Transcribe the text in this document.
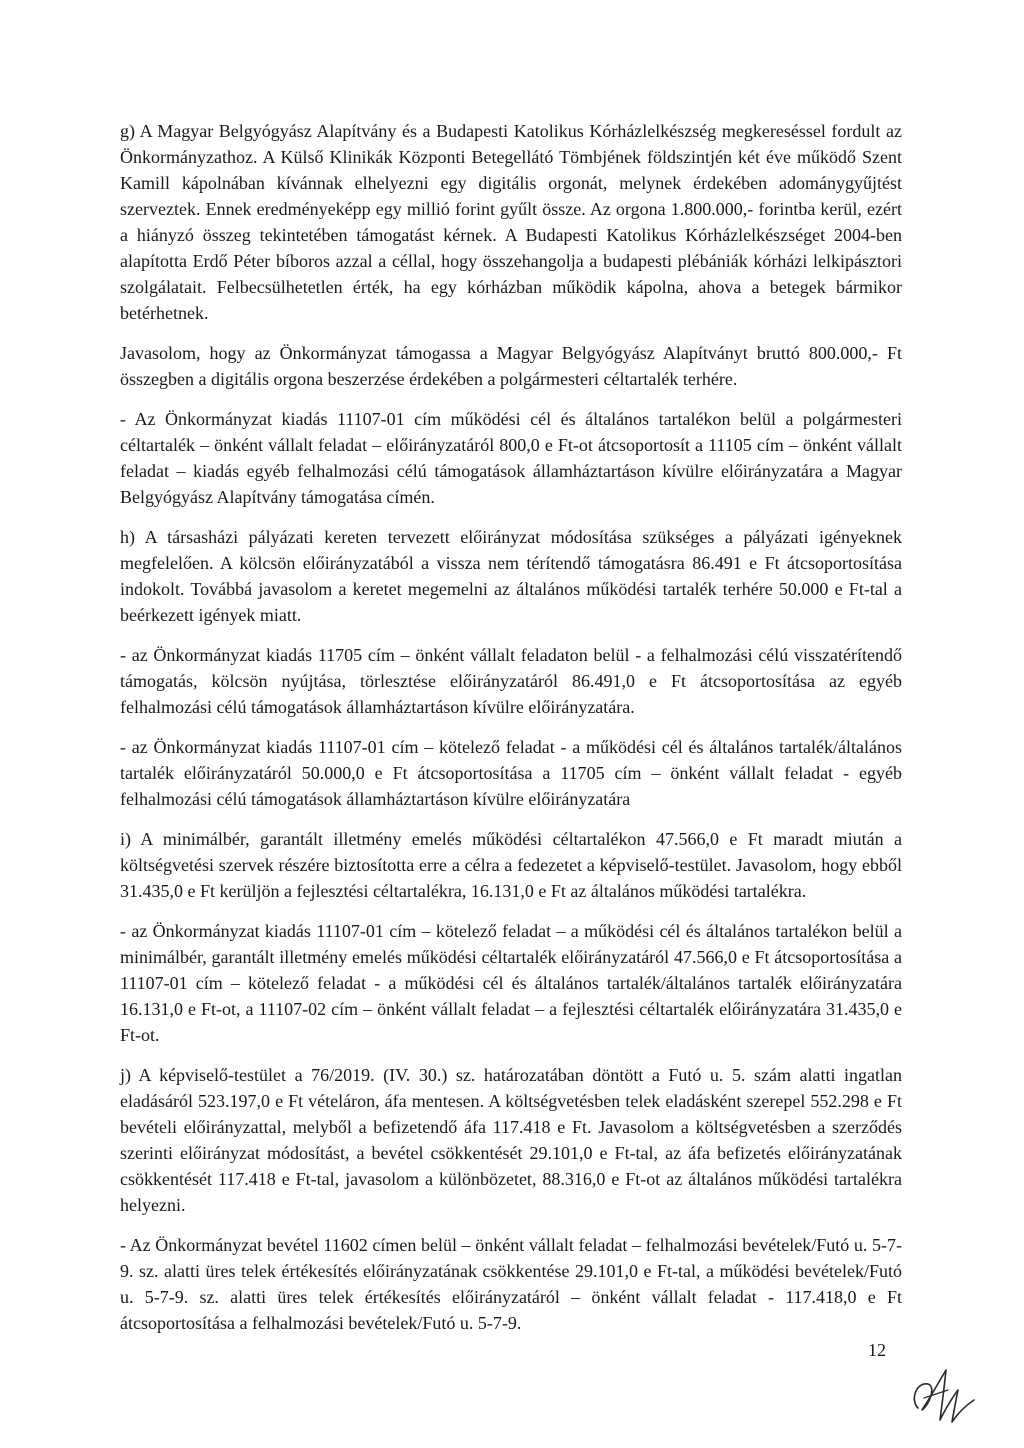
g) A Magyar Belgyógyász Alapítvány és a Budapesti Katolikus Kórházlelkészség megkereséssel fordult az Önkormányzathoz. A Külső Klinikák Központi Betegellátó Tömbjének földszintjén két éve működő Szent Kamill kápolnában kívánnak elhelyezni egy digitális orgonát, melynek érdekében adománygyűjtést szerveztek. Ennek eredményeképp egy millió forint gyűlt össze. Az orgona 1.800.000,- forintba kerül, ezért a hiányzó összeg tekintetében támogatást kérnek. A Budapesti Katolikus Kórházlelkészséget 2004-ben alapította Erdő Péter bíboros azzal a céllal, hogy összehangolja a budapesti plébániák kórházi lelkipásztori szolgálatait. Felbecsülhetetlen érték, ha egy kórházban működik kápolna, ahova a betegek bármikor betérhetnek.

Javasolom, hogy az Önkormányzat támogassa a Magyar Belgyógyász Alapítványt bruttó 800.000,- Ft összegben a digitális orgona beszerzése érdekében a polgármesteri céltartalék terhére.

- Az Önkormányzat kiadás 11107-01 cím működési cél és általános tartalékon belül a polgármesteri céltartalék – önként vállalt feladat – előirányzatáról 800,0 e Ft-ot átcsoportosít a 11105 cím – önként vállalt feladat – kiadás egyéb felhalmozási célú támogatások államháztartáson kívülre előirányzatára a Magyar Belgyógyász Alapítvány támogatása címén.

h) A társasházi pályázati kereten tervezett előirányzat módosítása szükséges a pályázati igényeknek megfelelően. A kölcsön előirányzatából a vissza nem térítendő támogatásra 86.491 e Ft átcsoportosítása indokolt. Továbbá javasolom a keretet megemelni az általános működési tartalék terhére 50.000 e Ft-tal a beérkezett igények miatt.

- az Önkormányzat kiadás 11705 cím – önként vállalt feladaton belül - a felhalmozási célú visszatérítendő támogatás, kölcsön nyújtása, törlesztése előirányzatáról 86.491,0 e Ft átcsoportosítása az egyéb felhalmozási célú támogatások államháztartáson kívülre előirányzatára.

- az Önkormányzat kiadás 11107-01 cím – kötelező feladat - a működési cél és általános tartalék/általános tartalék előirányzatáról 50.000,0 e Ft átcsoportosítása a 11705 cím – önként vállalt feladat - egyéb felhalmozási célú támogatások államháztartáson kívülre előirányzatára

i) A minimálbér, garantált illetmény emelés működési céltartalékon 47.566,0 e Ft maradt miután a költségvetési szervek részére biztosította erre a célra a fedezetet a képviselő-testület. Javasolom, hogy ebből 31.435,0 e Ft kerüljön a fejlesztési céltartalékra, 16.131,0 e Ft az általános működési tartalékra.

- az Önkormányzat kiadás 11107-01 cím – kötelező feladat – a működési cél és általános tartalékon belül a minimálbér, garantált illetmény emelés működési céltartalék előirányzatáról 47.566,0 e Ft átcsoportosítása a 11107-01 cím – kötelező feladat - a működési cél és általános tartalék/általános tartalék előirányzatára 16.131,0 e Ft-ot, a 11107-02 cím – önként vállalt feladat – a fejlesztési céltartalék előirányzatára 31.435,0 e Ft-ot.

j) A képviselő-testület a 76/2019. (IV. 30.) sz. határozatában döntött a Futó u. 5. szám alatti ingatlan eladásáról 523.197,0 e Ft vételáron, áfa mentesen. A költségvetésben telek eladásként szerepel 552.298 e Ft bevételi előirányzattal, melyből a befizetendő áfa 117.418 e Ft. Javasolom a költségvetésben a szerződés szerinti előirányzat módosítást, a bevétel csökkentését 29.101,0 e Ft-tal, az áfa befizetés előirányzatának csökkentését 117.418 e Ft-tal, javasolom a különbözetet, 88.316,0 e Ft-ot az általános működési tartalékra helyezni.

- Az Önkormányzat bevétel 11602 címen belül – önként vállalt feladat – felhalmozási bevételek/Futó u. 5-7-9. sz. alatti üres telek értékesítés előirányzatának csökkentése 29.101,0 e Ft-tal, a működési bevételek/Futó u. 5-7-9. sz. alatti üres telek értékesítés előirányzatáról – önként vállalt feladat - 117.418,0 e Ft átcsoportosítása a felhalmozási bevételek/Futó u. 5-7-9.

12
